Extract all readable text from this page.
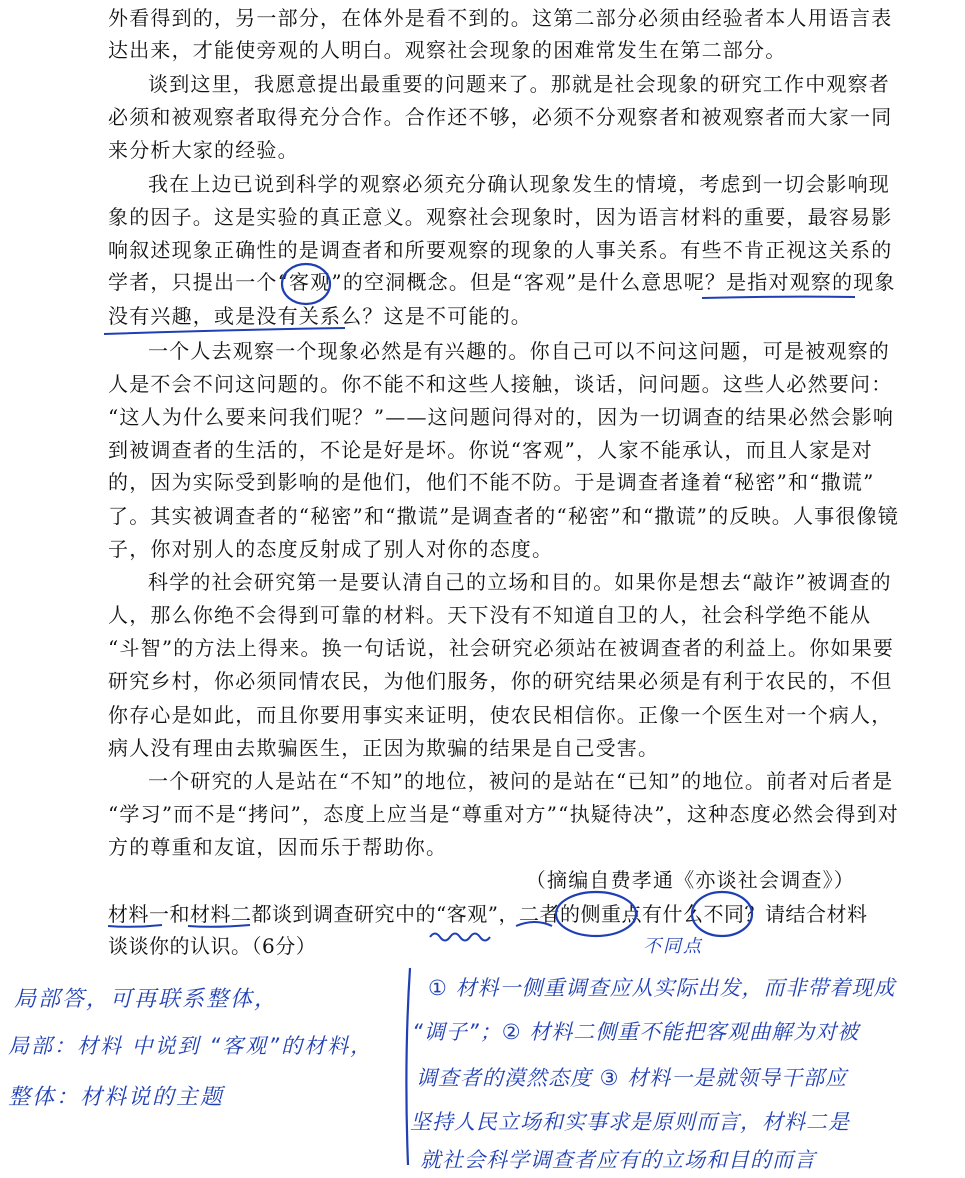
外看得到的，另一部分，在体外是看不到的。这第二部分必须由经验者本人用语言表
达出来，才能使旁观的人明白。观察社会现象的困难常发生在第二部分。
谈到这里，我愿意提出最重要的问题来了。那就是社会现象的研究工作中观察者
必须和被观察者取得充分合作。合作还不够，必须不分观察者和被观察者而大家一同
来分析大家的经验。
我在上边已说到科学的观察必须充分确认现象发生的情境，考虑到一切会影响现
象的因子。这是实验的真正意义。观察社会现象时，因为语言材料的重要，最容易影
响叙述现象正确性的是调查者和所要观察的现象的人事关系。有些不肯正视这关系的
学者，只提出一个“客观”的空洞概念。但是“客观”是什么意思呢？是指对观察的现象
没有兴趣，或是没有关系么？这是不可能的。
一个人去观察一个现象必然是有兴趣的。你自己可以不问这问题，可是被观察的
人是不会不问这问题的。你不能不和这些人接触，谈话，问问题。这些人必然要问：
“这人为什么要来问我们呢？”——这问题问得对的，因为一切调查的结果必然会影响
到被调查者的生活的，不论是好是坏。你说“客观”，人家不能承认，而且人家是对
的，因为实际受到影响的是他们，他们不能不防。于是调查者逢着“秘密”和“撒谎”
了。其实被调查者的“秘密”和“撒谎”是调查者的“秘密”和“撒谎”的反映。人事很像镜
子，你对别人的态度反射成了别人对你的态度。
科学的社会研究第一是要认清自己的立场和目的。如果你是想去“敲诈”被调查的
人，那么你绝不会得到可靠的材料。天下没有不知道自卫的人，社会科学绝不能从
“斗智”的方法上得来。换一句话说，社会研究必须站在被调查者的利益上。你如果要
研究乡村，你必须同情农民，为他们服务，你的研究结果必须是有利于农民的，不但
你存心是如此，而且你要用事实来证明，使农民相信你。正像一个医生对一个病人，
病人没有理由去欺骗医生，正因为欺骗的结果是自己受害。
一个研究的人是站在“不知”的地位，被问的是站在“已知”的地位。前者对后者是
“学习”而不是“拷问”，态度上应当是“尊重对方”“执疑待决”，这种态度必然会得到对
方的尊重和友谊，因而乐于帮助你。
（摘编自费孝通《亦谈社会调查》）
材料一和材料二都谈到调查研究中的“客观”，二者的侧重点有什么不同？请结合材料
谈谈你的认识。（6分）	不同点
局部答，可再联系整体，
局部：材料 中说到 “客观”的材料，
整体：材料说的主题
① 材料一侧重调查应从实际出发，而非带着现成
“调子”；② 材料二侧重不能把客观曲解为对被
调查者的漠然态度 ③ 材料一是就领导干部应
坚持人民立场和实事求是原则而言，材料二是
就社会科学调查者应有的立场和目的而言
